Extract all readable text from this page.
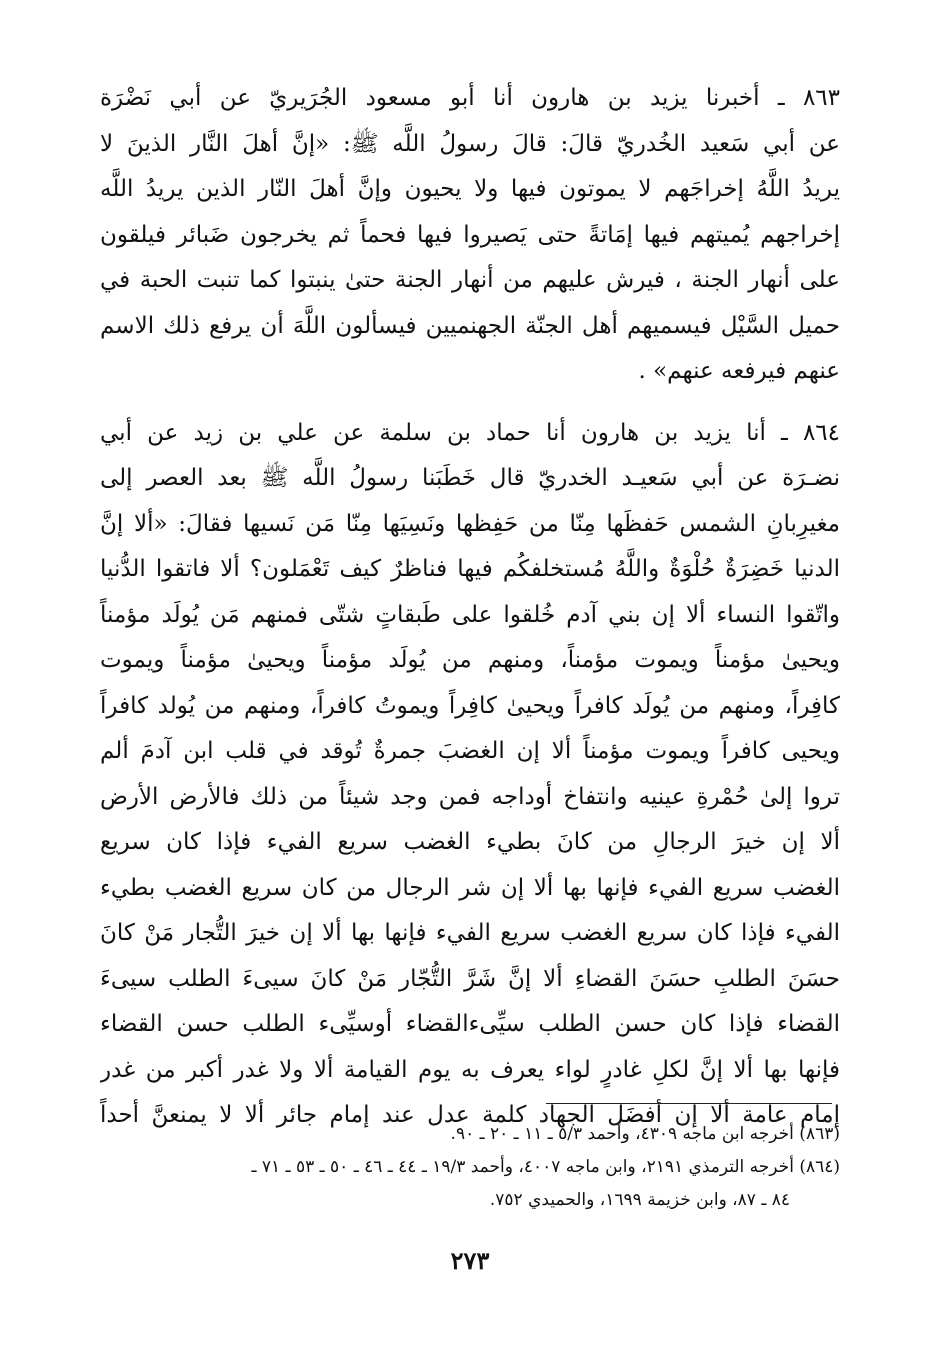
٨٦٣ ـ أخبرنا يزيد بن هارون أنا أبو مسعود الجُرَيريّ عن أبي نَضْرَة
عن أبي سَعيد الخُدريّ قالَ: قالَ رسولُ اللَّه ﷺ: «إنَّ أهلَ النَّار الذينَ لا
يريدُ اللَّهُ إخراجَهم لا يموتون فيها ولا يحيون وإنَّ أهلَ النّار الذين يريدُ اللَّه
إخراجهم يُميتهم فيها إمَاتةً حتى يَصيروا فيها فحماً ثم يخرجون ضَبائر فيلقون
على أنهار الجنة ، فيرش عليهم من أنهار الجنة حتىٰ ينبتوا كما تنبت الحبة في
حميل السَّيْل فيسميهم أهل الجنّة الجهنميين فيسألون اللَّهَ أن يرفع ذلك الاسم
عنهم فيرفعه عنهم» .
٨٦٤ ـ أنا يزيد بن هارون أنا حماد بن سلمة عن علي بن زيد عن أبي
نضـرَة عن أبي سَعيـد الخدريّ قال خَطَبَنا رسولُ اللَّه ﷺ بعد العصر إلى
مغيرِبانِ الشمس حَفظَها مِنّا من حَفِظها ونَسِيَها مِنّا مَن نَسيها فقالَ: «ألا إنَّ
الدنيا خَضِرَةٌ حُلْوَةٌ واللَّهُ مُستخلفكُم فيها فناظرٌ كيف تَعْمَلون؟ ألا فاتقوا الدُّنيا
واتّقوا النساء ألا إن بني آدم خُلقوا على طَبقاتٍ شتّى فمنهم مَن يُولَد مؤمناً
ويحيىٰ مؤمناً ويموت مؤمناً، ومنهم من يُولَد مؤمناً ويحيىٰ مؤمناً ويموت
كافِراً، ومنهم من يُولَد كافراً ويحيىٰ كافِراً ويموتُ كافراً، ومنهم من يُولد كافراً
ويحيى كافراً ويموت مؤمناً ألا إن الغضبَ جمرةٌ تُوقد في قلب ابن آدمَ ألم
تروا إلىٰ حُمْرةِ عينيه وانتفاخ أوداجه فمن وجد شيئاً من ذلك فالأرض الأرض
ألا إن خيرَ الرجالِ من كانَ بطيء الغضب سريع الفيء فإذا كان سريع
الغضب سريع الفيء فإنها بها ألا إن شر الرجال من كان سريع الغضب بطيء
الفيء فإذا كان سريع الغضب سريع الفيء فإنها بها ألا إن خيرَ التُّجار مَنْ كانَ
حسَنَ الطلبِ حسَنَ القضاءِ ألا إنَّ شَرَّ التُّجّار مَنْ كانَ سيىءَ الطلب سيىءَ
القضاء فإذا كان حسن الطلب سيِّىءالقضاء أوسيِّىء الطلب حسن القضاء
فإنها بها ألا إنَّ لكلِ غادرٍ لواء يعرف به يوم القيامة ألا ولا غدر أكبر من غدر
إمام عامة ألا إن أفضَل الجهاد كلمة عدل عند إمام جائر ألا لا يمنعنَّ أحداً
(٨٦٣) أخرجه ابن ماجه ٤٣٠٩، وأحمد ٥/٣ ـ ١١ ـ ٢٠ ـ ٩٠.
(٨٦٤) أخرجه الترمذي ٢١٩١، وابن ماجه ٤٠٠٧، وأحمد ١٩/٣ ـ ٤٤ ـ ٤٦ ـ ٥٠ ـ ٥٣ ـ ٧١ ـ
٨٤ ـ ٨٧، وابن خزيمة ١٦٩٩، والحميدي ٧٥٢.
٢٧٣
